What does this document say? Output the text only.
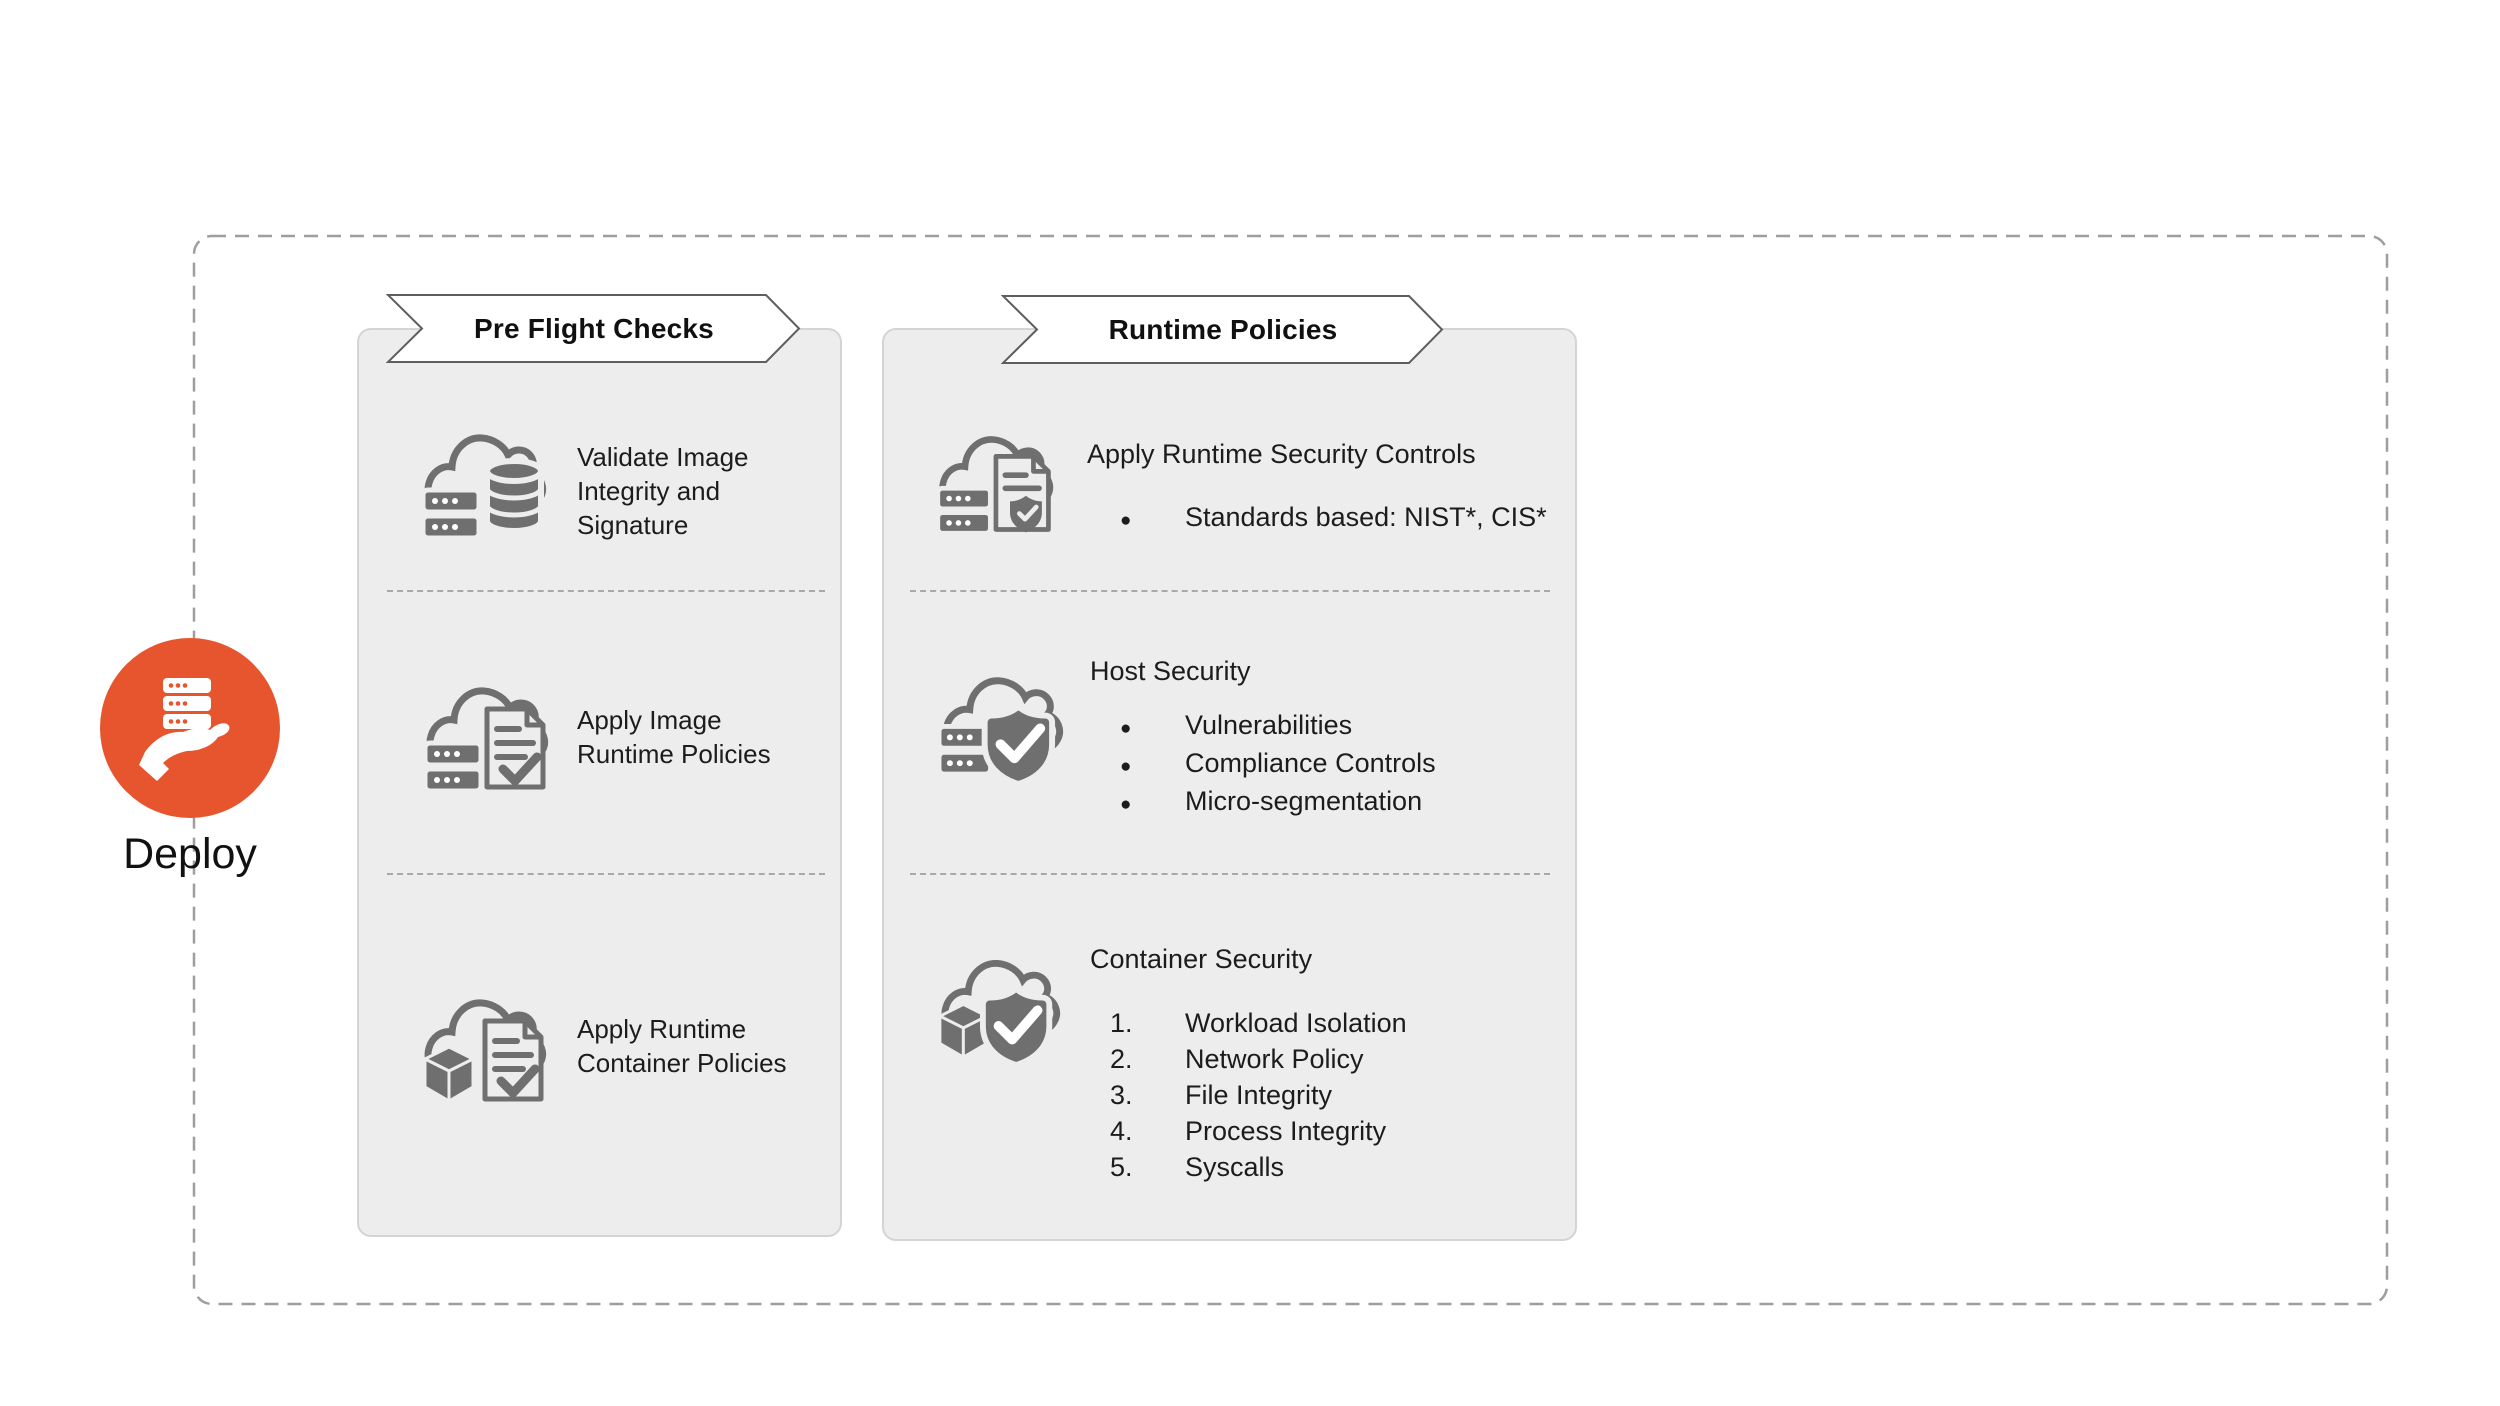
Deploy
Validate Image Integrity and Signature
Apply Image Runtime Policies
Apply Runtime Container Policies
Apply Runtime Security Controls
●	Standards based: NIST*, CIS*
Host Security
●	Vulnerabilities
●	Compliance Controls
●	Micro-segmentation
Container Security
1.	Workload Isolation
2.	Network Policy
3.	File Integrity
4.	Process Integrity
5.	Syscalls
Pre Flight Checks	Runtime Policies
